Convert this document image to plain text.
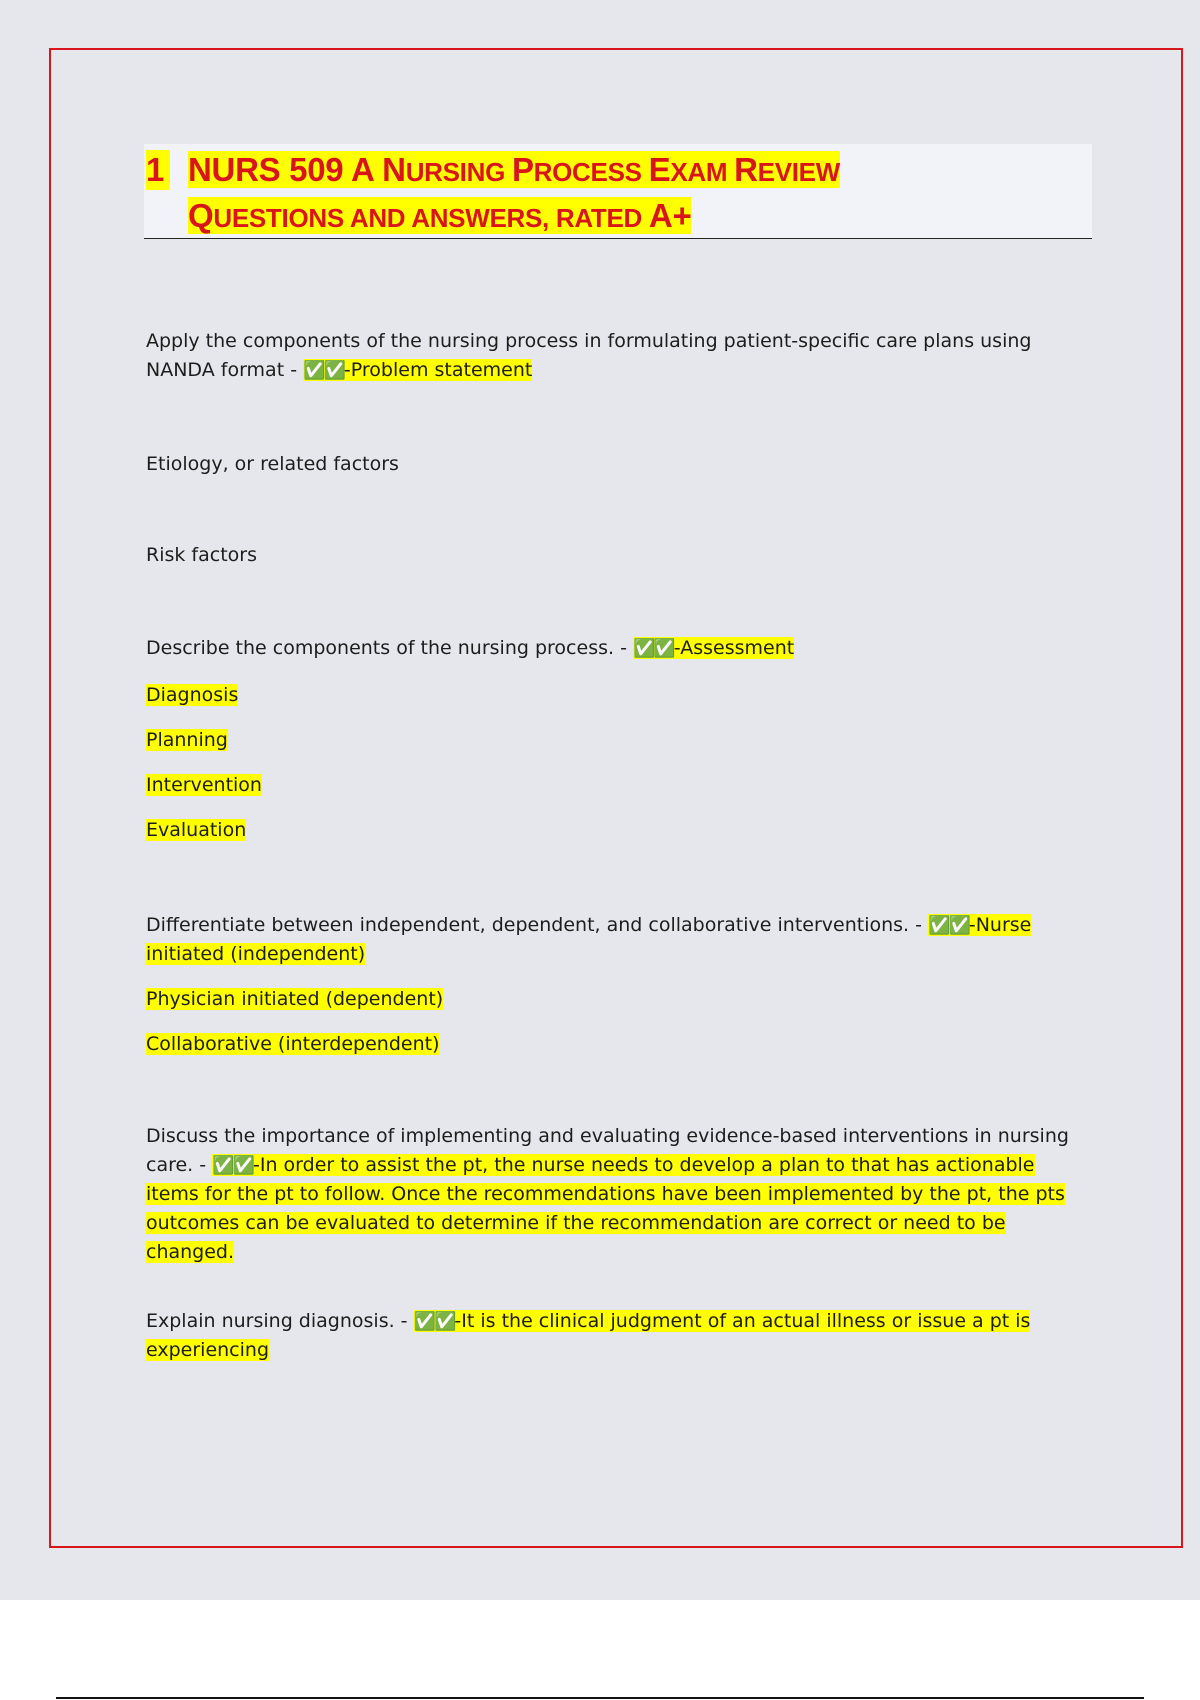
1 NURS 509 A NURSING PROCESS EXAM REVIEW
QUESTIONS AND ANSWERS, RATED A+
Apply the components of the nursing process in formulating patient-specific care plans using NANDA format - ✅✅-Problem statement
Etiology, or related factors
Risk factors
Describe the components of the nursing process. - ✅✅-Assessment
Diagnosis
Planning
Intervention
Evaluation
Differentiate between independent, dependent, and collaborative interventions. - ✅✅-Nurse initiated (independent)
Physician initiated (dependent)
Collaborative (interdependent)
Discuss the importance of implementing and evaluating evidence-based interventions in nursing care. - ✅✅-In order to assist the pt, the nurse needs to develop a plan to that has actionable items for the pt to follow. Once the recommendations have been implemented by the pt, the pts outcomes can be evaluated to determine if the recommendation are correct or need to be changed.
Explain nursing diagnosis. - ✅✅-It is the clinical judgment of an actual illness or issue a pt is experiencing
